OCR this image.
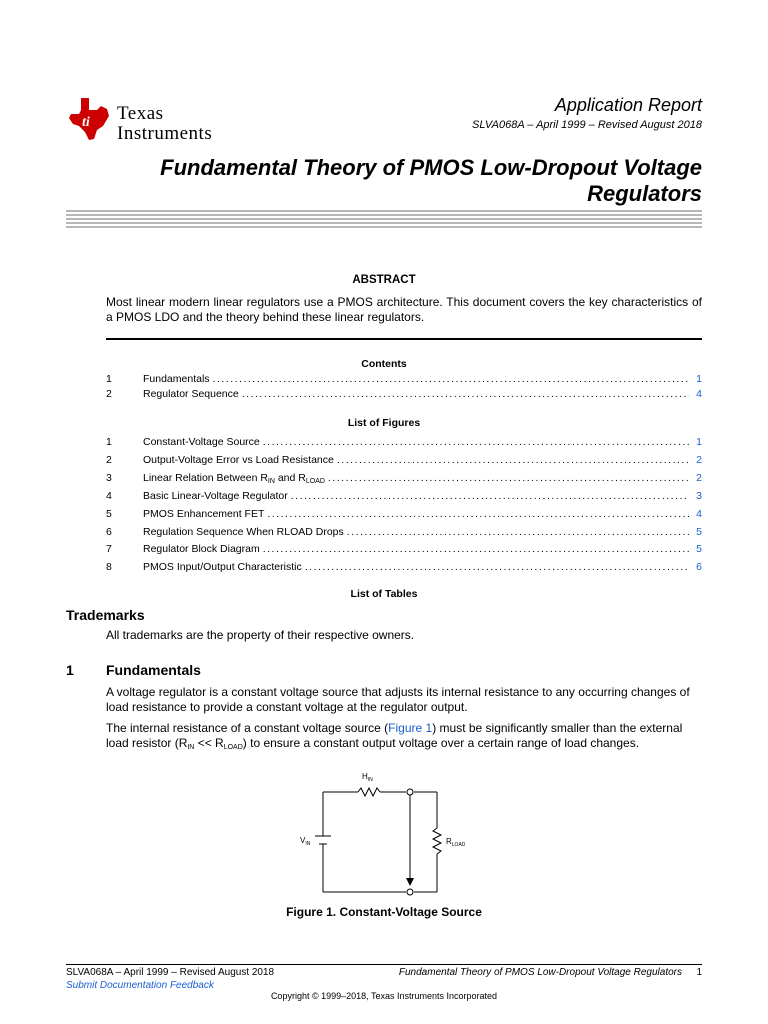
ti Texas
Instruments
Application Report
SLVA068A – April 1999 – Revised August 2018
Fundamental Theory of PMOS Low-Dropout Voltage
Regulators
ABSTRACT
Most linear modern linear regulators use a PMOS architecture. This document covers the key characteristics of a PMOS LDO and the theory behind these linear regulators.
Contents
1	Fundamentals .....	1
2	Regulator Sequence .....	4
List of Figures
1	Constant-Voltage Source .....	1
2	Output-Voltage Error vs Load Resistance .....	2
3	Linear Relation Between $R_{IN}$ and $R_{LOAD}$ .....	2
4	Basic Linear-Voltage Regulator .....	3
5	PMOS Enhancement FET .....	4
6	Regulation Sequence When RLOAD Drops .....	5
7	Regulator Block Diagram .....	5
8	PMOS Input/Output Characteristic .....	6
List of Tables
Trademarks
All trademarks are the property of their respective owners.
1 Fundamentals
A voltage regulator is a constant voltage source that adjusts its internal resistance to any occurring changes of load resistance to provide a constant voltage at the regulator output.
The internal resistance of a constant voltage source (Figure 1) must be significantly smaller than the external load resistor $(R_{IN} << R_{LOAD})$ to ensure a constant output voltage over a certain range of load changes.
$H_{IN}$
$V_{IN}$	$R_{LOAD}$
Figure 1. Constant-Voltage Source
SLVA068A – April 1999 – Revised August 2018
Submit Documentation Feedback
Fundamental Theory of PMOS Low-Dropout Voltage Regulators 1
Copyright © 1999–2018, Texas Instruments Incorporated
